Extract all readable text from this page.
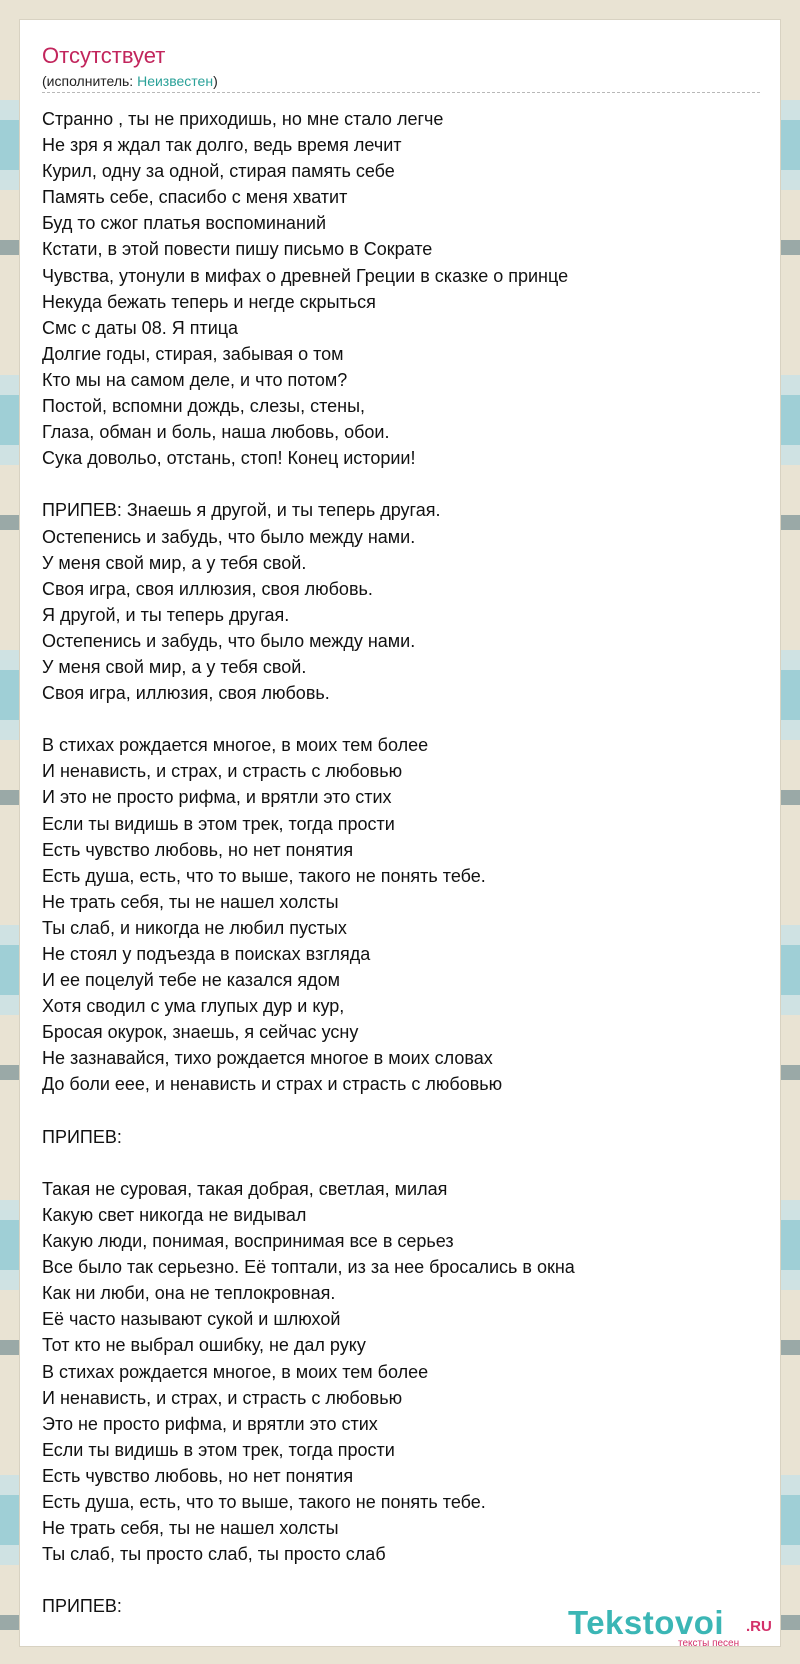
Отсутствует
(исполнитель: Неизвестен)
Странно , ты не приходишь, но мне стало легче
Не зря я ждал так долго, ведь время лечит
Курил, одну за одной, стирая память себе
Память себе, спасибо с меня хватит
Буд то сжог платья воспоминаний
Кстати, в этой повести пишу письмо в Сократе
Чувства, утонули в мифах о древней Греции в сказке о принце
Некуда бежать теперь и негде скрыться
Смс с даты 08. Я птица
Долгие годы, стирая, забывая о том
Кто мы на самом деле, и что потом?
Постой, вспомни дождь, слезы, стены,
Глаза, обман и боль, наша любовь, обои.
Сука довольо, отстань, стоп! Конец истории!
ПРИПЕВ: Знаешь я другой, и ты теперь другая.
Остепенись и забудь, что было между нами.
У меня свой мир, а у тебя свой.
Своя игра, своя иллюзия, своя любовь.
Я другой, и ты теперь другая.
Остепенись и забудь, что было между нами.
У меня свой мир, а у тебя свой.
Своя игра, иллюзия, своя любовь.
В стихах рождается многое, в моих тем более
И ненависть, и страх, и страсть с любовью
И это не просто рифма, и врятли это стих
Если ты видишь в этом трек, тогда прости
Есть чувство любовь, но нет понятия
Есть душа, есть, что то выше, такого не понять тебе.
Не трать себя, ты не нашел холсты
Ты слаб, и никогда не любил пустых
Не стоял у подъезда в поисках взгляда
И ее поцелуй тебе не казался ядом
Хотя сводил с ума глупых дур и кур,
Бросая окурок, знаешь, я сейчас усну
Не зазнавайся, тихо рождается многое в моих словах
До боли еее, и ненависть и страх и страсть с любовью
ПРИПЕВ:
Такая не суровая, такая добрая, светлая, милая
Какую свет никогда не видывал
Какую люди, понимая, воспринимая все в серьез
Все было так серьезно. Её топтали, из за нее бросались в окна
Как ни люби, она не теплокровная.
Её часто называют сукой и шлюхой
Тот кто не выбрал ошибку, не дал руку
В стихах рождается многое, в моих тем более
И ненависть, и страх, и страсть с любовью
Это не просто рифма, и врятли это стих
Если ты видишь в этом трек, тогда прости
Есть чувство любовь, но нет понятия
Есть душа, есть, что то выше, такого не понять тебе.
Не трать себя, ты не нашел холсты
Ты слаб, ты просто слаб, ты просто слаб
ПРИПЕВ:	Tekstovoi .RU
тексты песен
